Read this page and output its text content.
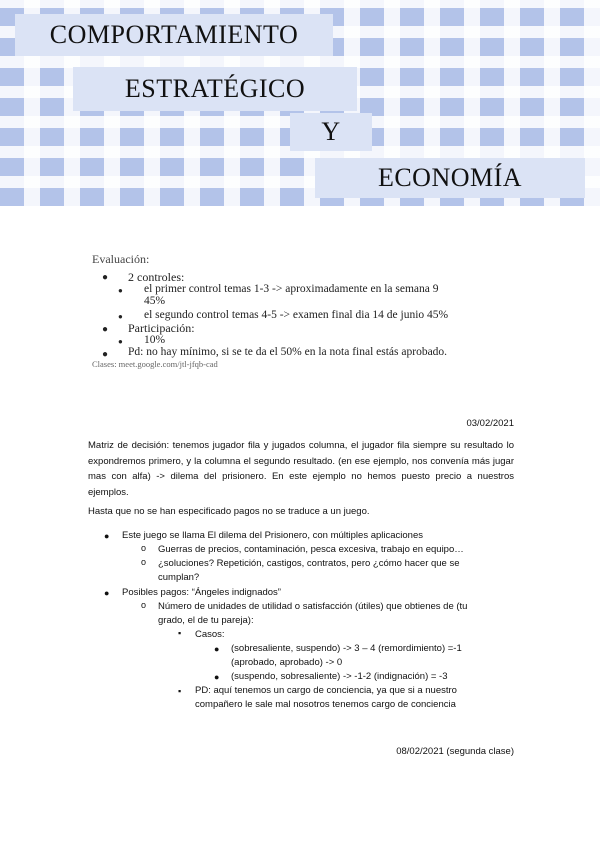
COMPORTAMIENTO
ESTRATÉGICO
Y
ECONOMÍA
Evaluación:
● 2 controles:
● el primer control temas 1-3 -> aproximadamente en la semana 9
45%
● el segundo control temas 4-5 -> examen final dia 14 de junio 45%
● Participación:
● 10%
● Pd: no hay mínimo, si se te da el 50% en la nota final estás aprobado.
Clases: meet.google.com/jtl-jfqb-cad
03/02/2021
Matriz de decisión: tenemos jugador fila y jugados columna, el jugador fila siempre su resultado lo expondremos primero, y la columna el segundo resultado. (en ese ejemplo, nos convenía más jugar mas con alfa) -> dilema del prisionero. En este ejemplo no hemos puesto precio a nuestros ejemplos.
Hasta que no se han especificado pagos no se traduce a un juego.
● Este juego se llama El dilema del Prisionero, con múltiples aplicaciones
o Guerras de precios, contaminación, pesca excesiva, trabajo en equipo…
o ¿soluciones? Repetición, castigos, contratos, pero ¿cómo hacer que se
cumplan?
● Posibles pagos: “Ángeles indignados”
o Número de unidades de utilidad o satisfacción (útiles) que obtienes de (tu
grado, el de tu pareja):
▪ Casos:
● (sobresaliente, suspendo) -> 3 – 4 (remordimiento) =-1
(aprobado, aprobado) -> 0
● (suspendo, sobresaliente) -> -1-2 (indignación) = -3
▪ PD: aquí tenemos un cargo de conciencia, ya que si a nuestro
compañero le sale mal nosotros tenemos cargo de conciencia
08/02/2021 (segunda clase)
